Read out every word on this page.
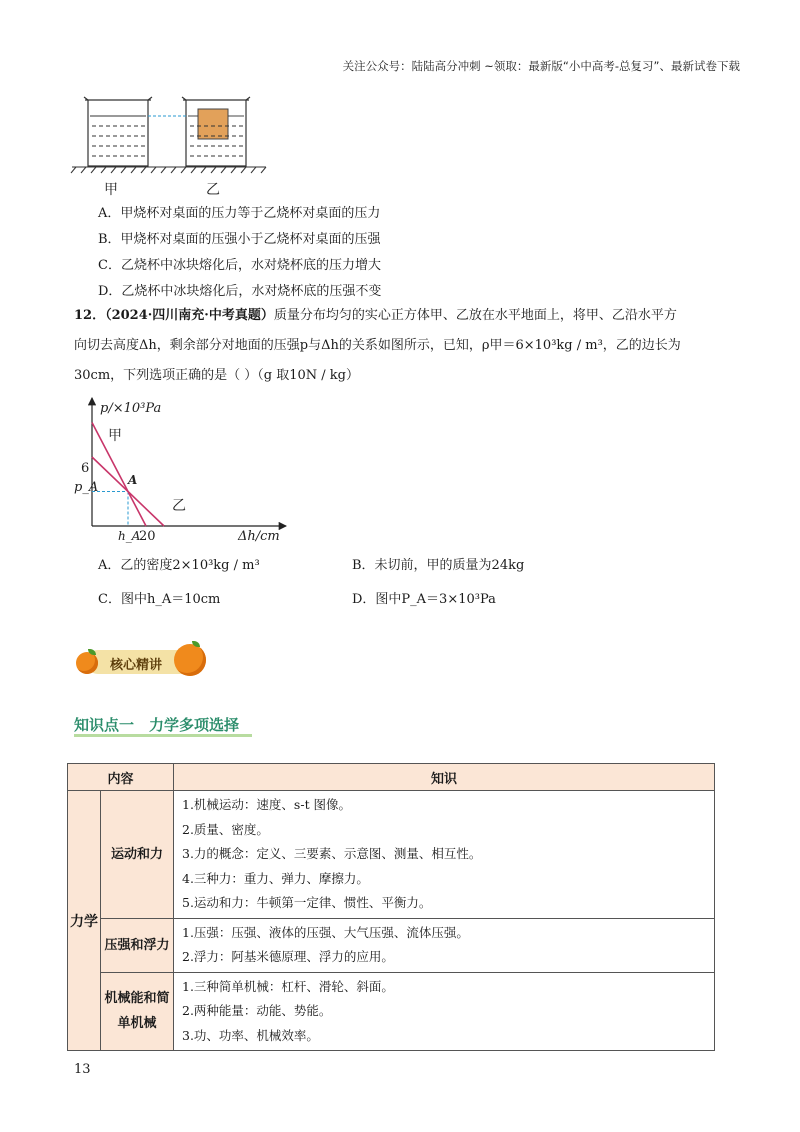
关注公众号：陆陆高分冲刺 ~领取：最新版“小中高考-总复习”、最新试卷下载
甲	乙
A．甲烧杯对桌面的压力等于乙烧杯对桌面的压力
B．甲烧杯对桌面的压强小于乙烧杯对桌面的压强
C．乙烧杯中冰块熔化后，水对烧杯底的压力增大
D．乙烧杯中冰块熔化后，水对烧杯底的压强不变
12．（2024·四川南充·中考真题）质量分布均匀的实心正方体甲、乙放在水平地面上，将甲、乙沿水平方
向切去高度Δh，剩余部分对地面的压强p与Δh的关系如图所示，已知，ρ甲＝6×10³kg / m³，乙的边长为
30cm，下列选项正确的是（ ）（g 取10N / kg）
p/×10³Pa
Δh/cm
6
p_A
h_A
20
甲
乙
A
A．乙的密度2×10³kg / m³	B．未切前，甲的质量为24kg
C．图中h_A＝10cm	D．图中P_A＝3×10³Pa
核心精讲
知识点一　力学多项选择
内容		知识
力学	运动和力	1.机械运动：速度、s-t 图像。
2.质量、密度。
3.力的概念：定义、三要素、示意图、测量、相互性。
4.三种力：重力、弹力、摩擦力。
5.运动和力：牛顿第一定律、惯性、平衡力。

	压强和浮力	1.压强：压强、液体的压强、大气压强、流体压强。
2.浮力：阿基米德原理、浮力的应用。

	机械能和简单机械	1.三种简单机械：杠杆、滑轮、斜面。
2.两种能量：动能、势能。
3.功、功率、机械效率。
13
